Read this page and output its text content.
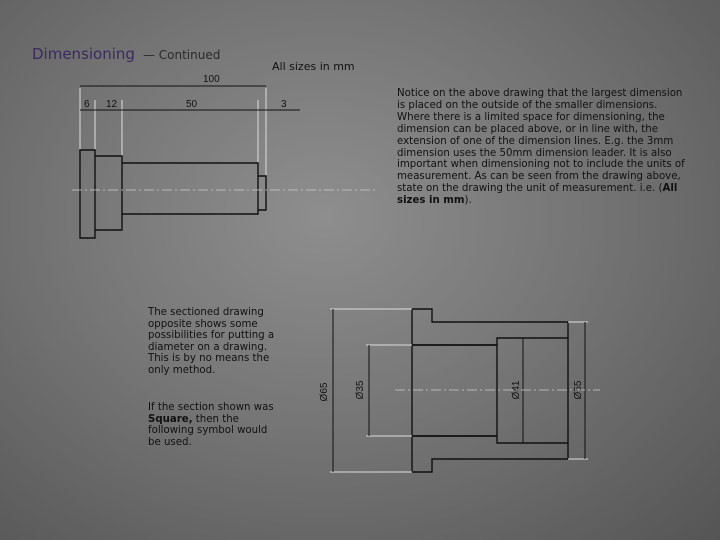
Dimensioning — Continued
All sizes in mm
Notice on the above drawing that the largest dimension is placed on the outside of the smaller dimensions. Where there is a limited space for dimensioning, the dimension can be placed above, or in line with, the extension of one of the dimension lines. E.g. the 3mm dimension uses the 50mm dimension leader. It is also important when dimensioning not to include the units of measurement. As can be seen from the drawing above, state on the drawing the unit of measurement. i.e. (All sizes in mm).
The sectioned drawing opposite shows some possibilities for putting a diameter on a drawing. This is by no means the only method.
If the section shown was Square, then the following symbol would be used.
100
6 12	50	3
Ø65	Ø35	Ø41	Ø55
